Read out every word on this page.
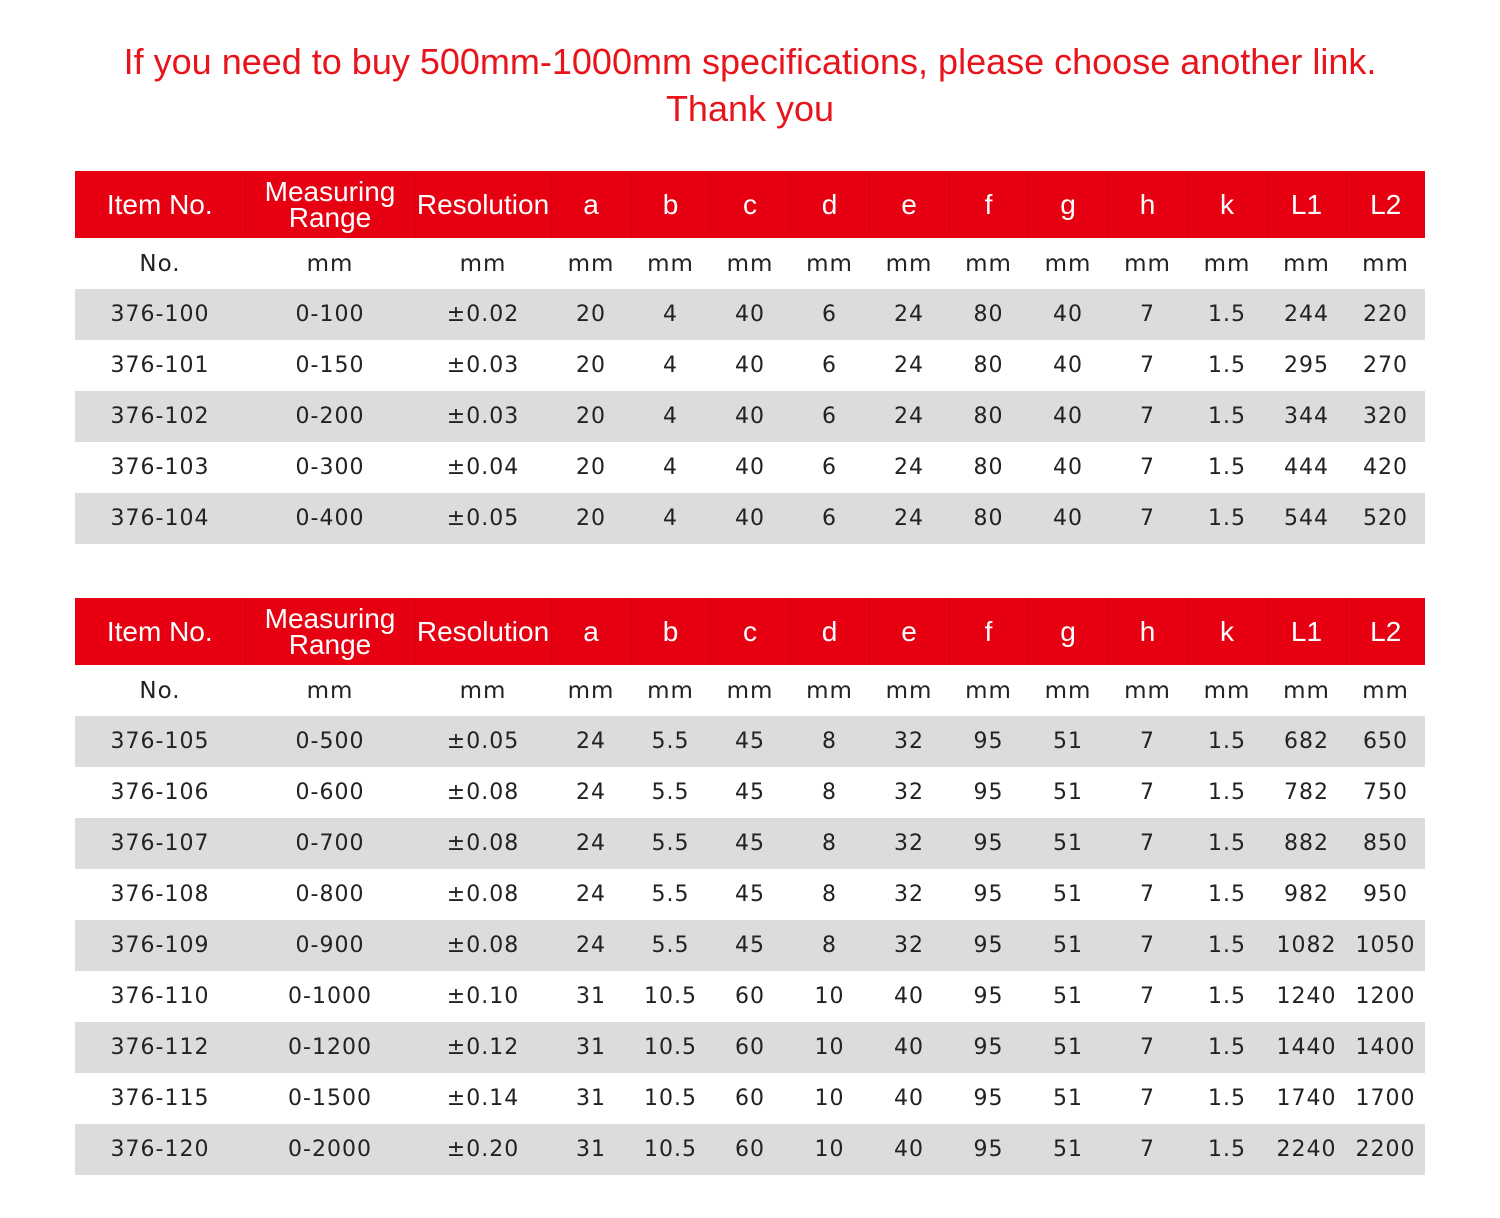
If you need to buy 500mm-1000mm specifications, please choose another link.
Thank you
Item No.	Measuring Range	Resolution	a	b	c	d	e	f	g	h	k	L1	L2
No.	mm	mm	mm	mm	mm	mm	mm	mm	mm	mm	mm	mm	mm
376-100	0-100	±0.02	20	4	40	6	24	80	40	7	1.5	244	220
376-101	0-150	±0.03	20	4	40	6	24	80	40	7	1.5	295	270
376-102	0-200	±0.03	20	4	40	6	24	80	40	7	1.5	344	320
376-103	0-300	±0.04	20	4	40	6	24	80	40	7	1.5	444	420
376-104	0-400	±0.05	20	4	40	6	24	80	40	7	1.5	544	520
Item No.	Measuring Range	Resolution	a	b	c	d	e	f	g	h	k	L1	L2
No.	mm	mm	mm	mm	mm	mm	mm	mm	mm	mm	mm	mm	mm
376-105	0-500	±0.05	24	5.5	45	8	32	95	51	7	1.5	682	650
376-106	0-600	±0.08	24	5.5	45	8	32	95	51	7	1.5	782	750
376-107	0-700	±0.08	24	5.5	45	8	32	95	51	7	1.5	882	850
376-108	0-800	±0.08	24	5.5	45	8	32	95	51	7	1.5	982	950
376-109	0-900	±0.08	24	5.5	45	8	32	95	51	7	1.5	1082	1050
376-110	0-1000	±0.10	31	10.5	60	10	40	95	51	7	1.5	1240	1200
376-112	0-1200	±0.12	31	10.5	60	10	40	95	51	7	1.5	1440	1400
376-115	0-1500	±0.14	31	10.5	60	10	40	95	51	7	1.5	1740	1700
376-120	0-2000	±0.20	31	10.5	60	10	40	95	51	7	1.5	2240	2200
